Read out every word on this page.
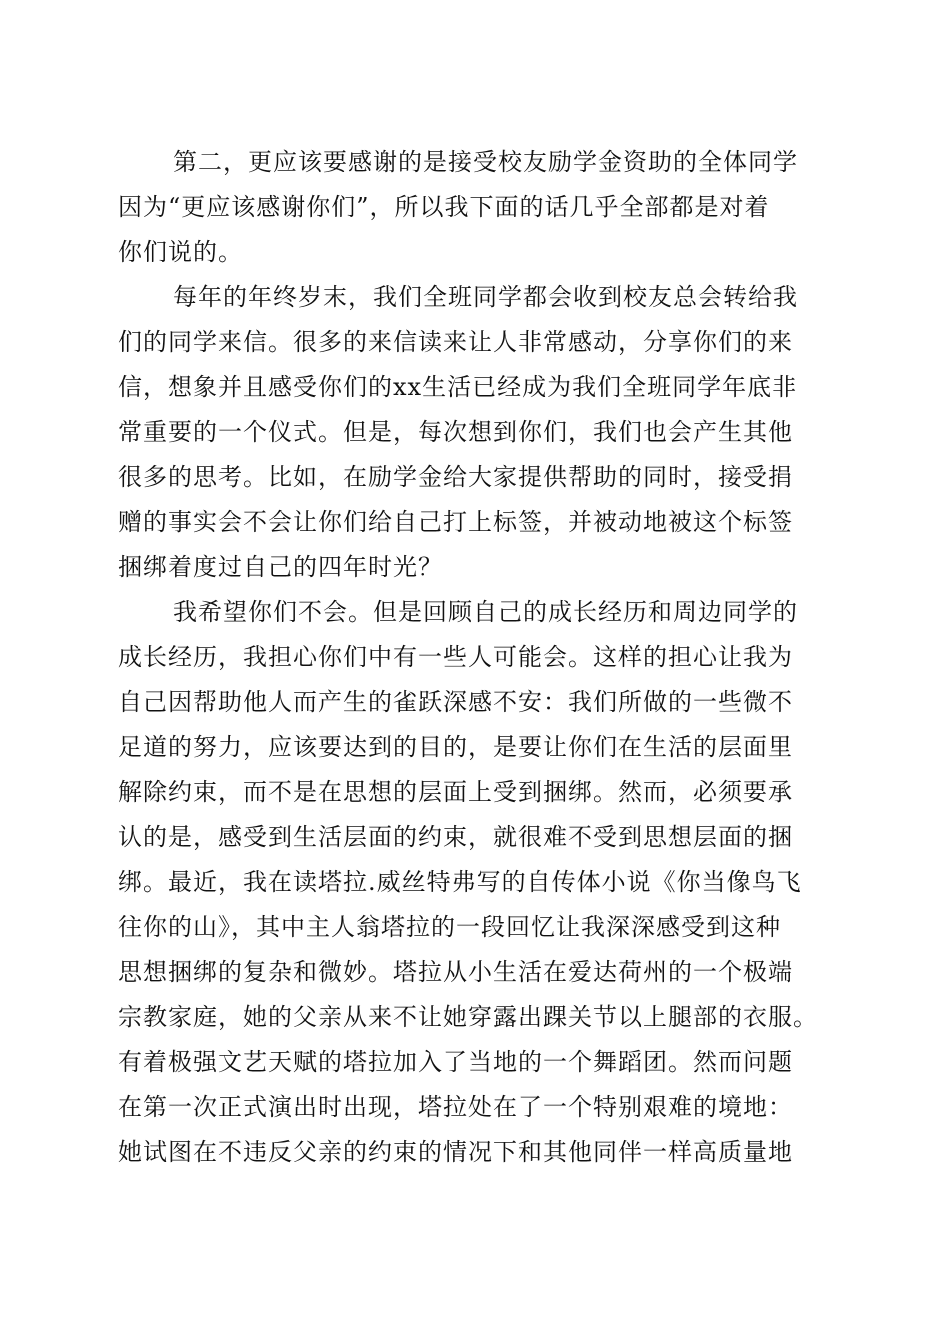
第二，更应该要感谢的是接受校友励学金资助的全体同学
因为“更应该感谢你们”，所以我下面的话几乎全部都是对着
你们说的。
每年的年终岁末，我们全班同学都会收到校友总会转给我
们的同学来信。很多的来信读来让人非常感动，分享你们的来
信，想象并且感受你们的xx生活已经成为我们全班同学年底非
常重要的一个仪式。但是，每次想到你们，我们也会产生其他
很多的思考。比如，在励学金给大家提供帮助的同时，接受捐
赠的事实会不会让你们给自己打上标签，并被动地被这个标签
捆绑着度过自己的四年时光？
我希望你们不会。但是回顾自己的成长经历和周边同学的
成长经历，我担心你们中有一些人可能会。这样的担心让我为
自己因帮助他人而产生的雀跃深感不安：我们所做的一些微不
足道的努力，应该要达到的目的，是要让你们在生活的层面里
解除约束，而不是在思想的层面上受到捆绑。然而，必须要承
认的是，感受到生活层面的约束，就很难不受到思想层面的捆
绑。最近，我在读塔拉.威丝特弗写的自传体小说《你当像鸟飞
往你的山》，其中主人翁塔拉的一段回忆让我深深感受到这种
思想捆绑的复杂和微妙。塔拉从小生活在爱达荷州的一个极端
宗教家庭，她的父亲从来不让她穿露出踝关节以上腿部的衣服。
有着极强文艺天赋的塔拉加入了当地的一个舞蹈团。然而问题
在第一次正式演出时出现，塔拉处在了一个特别艰难的境地：
她试图在不违反父亲的约束的情况下和其他同伴一样高质量地
